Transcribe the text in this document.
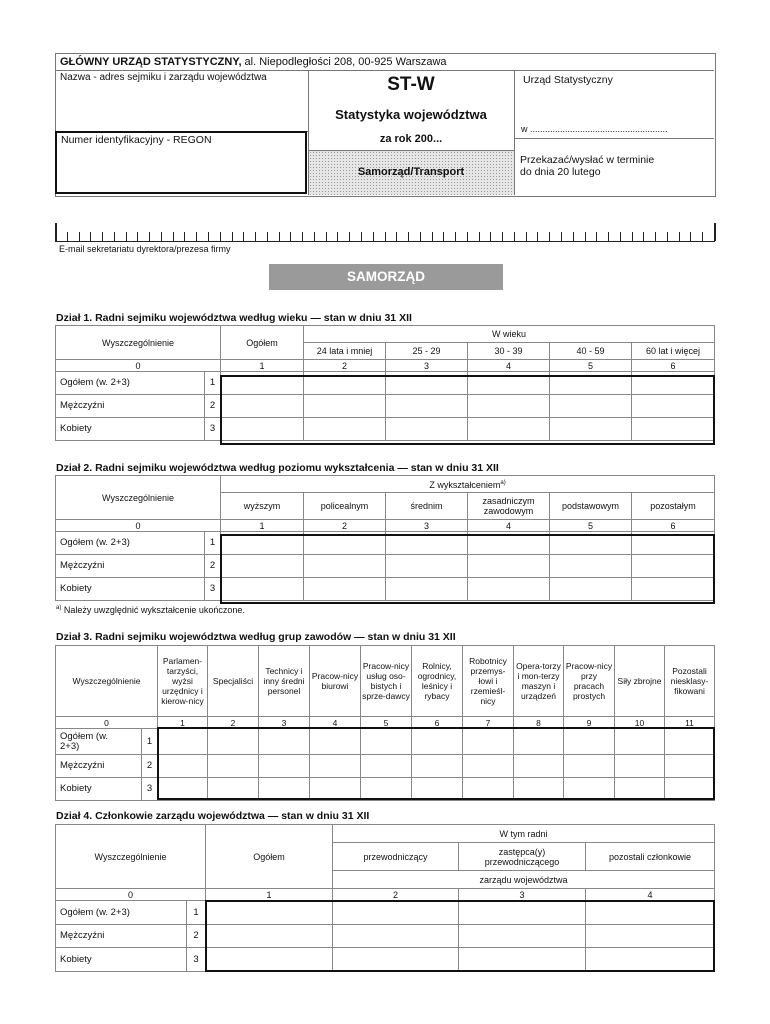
GŁÓWNY URZĄD STATYSTYCZNY, al. Niepodległości 208, 00-925 Warszawa
Nazwa - adres sejmiku i zarządu województwa	ST-W
Statystyka województwa
za rok 200...
Samorząd/Transport
Urząd Statystyczny
w .......................................................
Przekazać/wysłać w terminie
do dnia 20 lutego
Numer identyfikacyjny - REGON
E-mail sekretariatu dyrektora/prezesa firmy
SAMORZĄD
Dział 1. Radni sejmiku województwa według wieku — stan w dniu 31 XII
Wyszczególnienie		Ogółem	W wieku				
			24 lata i mniej	25 - 29	30 - 39	40 - 59	60 lat i więcej
0		1	2	3	4	5	6
Ogółem (w. 2+3)	1						
Mężczyźni	2						
Kobiety	3						
Dział 2. Radni sejmiku województwa według poziomu wykształcenia — stan w dniu 31 XII
Wyszczególnienie		Z wykształceniem$^{a)}$
		wyższym	policealnym	średnim	zasadniczym zawodowym	podstawowym	pozostałym
0		1	2	3	4	5	6
Ogółem (w. 2+3)	1						
Mężczyźni	2						
Kobiety	3						
$^{a)}$ Należy uwzględnić wykształcenie ukończone.
Dział 3. Radni sejmiku województwa według grup zawodów — stan w dniu 31 XII
Wyszczególnienie		Parlamen-tarzyści, wyżsi urzędnicy i kierow-nicy	Specjaliści	Technicy i inny średni personel	Pracow-nicy biurowi	Pracow-nicy usług oso-bistych i sprze-dawcy	Rolnicy, ogrodnicy, leśnicy i rybacy	Robotnicy przemys-łowi i rzemieśl-nicy	Opera-torzy i mon-terzy maszyn i urządzeń	Pracow-nicy przy pracach prostych	Siły zbrojne	Pozostali niesklasy-fikowani
0		1	2	3	4	5	6	7	8	9	10	11
Ogółem (w. 2+3)	1											
Mężczyźni	2											
Kobiety	3											
Dział 4. Członkowie zarządu województwa — stan w dniu 31 XII
Wyszczególnienie		Ogółem	W tym radni		
			przewodniczący	zastępca(y) przewodniczącego	pozostali członkowie
			zarządu województwa		
0		1	2	3	4
Ogółem (w. 2+3)	1				
Mężczyźni	2				
Kobiety	3				
